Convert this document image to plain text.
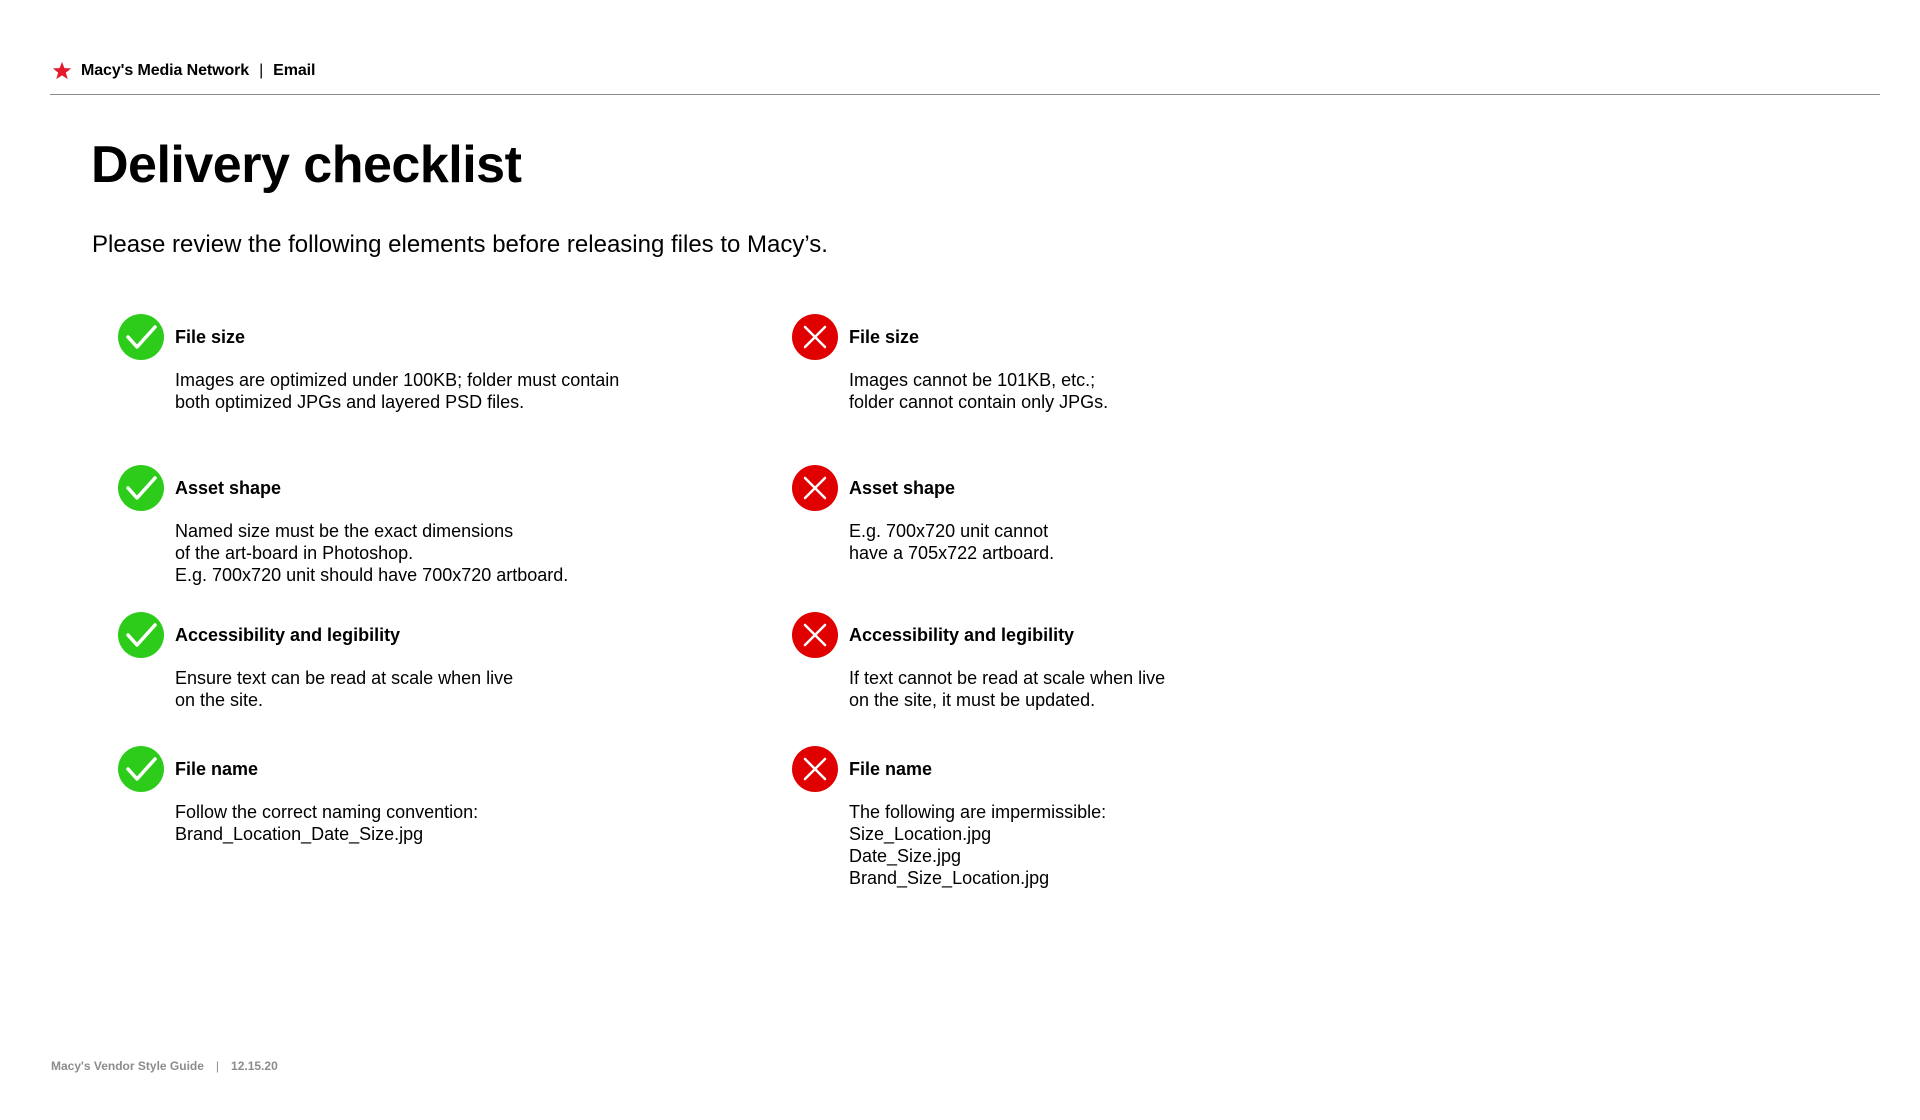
Macy's Media Network | Email
Delivery checklist

Please review the following elements before releasing files to Macy’s.

File size
Images are optimized under 100KB; folder must contain
both optimized JPGs and layered PSD files.
Asset shape
Named size must be the exact dimensions
of the art-board in Photoshop.
E.g. 700x720 unit should have 700x720 artboard.
Accessibility and legibility
Ensure text can be read at scale when live
on the site.
File name
Follow the correct naming convention:
Brand_Location_Date_Size.jpg
File size
Images cannot be 101KB, etc.;
folder cannot contain only JPGs.
Asset shape
E.g. 700x720 unit cannot
have a 705x722 artboard.
Accessibility and legibility
If text cannot be read at scale when live
on the site, it must be updated.
File name
The following are impermissible:
Size_Location.jpg
Date_Size.jpg
Brand_Size_Location.jpg
Macy's Vendor Style Guide | 12.15.20
